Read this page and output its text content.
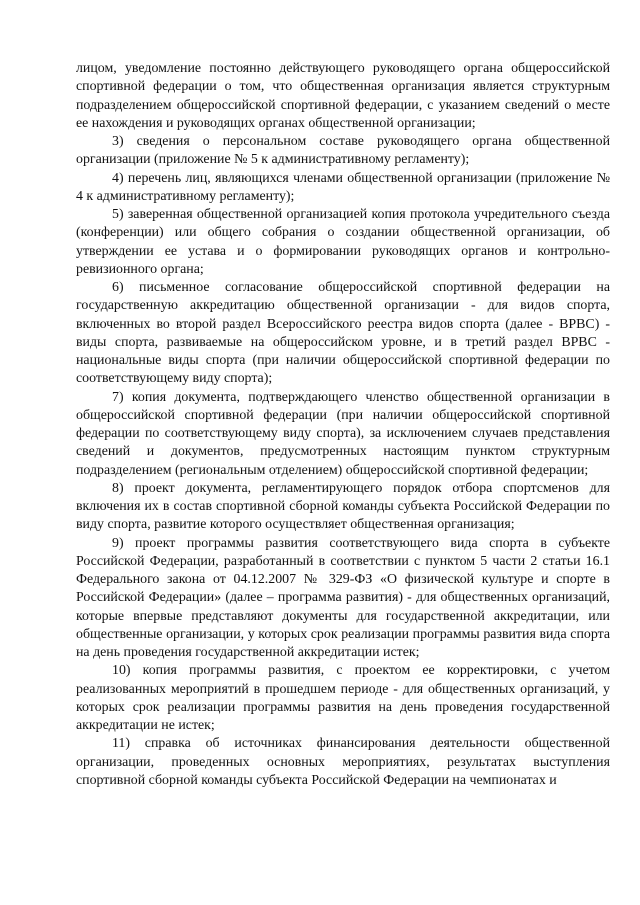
лицом, уведомление постоянно действующего руководящего органа общероссийской спортивной федерации о том, что общественная организация является структурным подразделением общероссийской спортивной федерации, с указанием сведений о месте ее нахождения и руководящих органах общественной организации;

3) сведения о персональном составе руководящего органа общественной организации (приложение № 5 к административному регламенту);

4) перечень лиц, являющихся членами общественной организации (приложение № 4 к административному регламенту);

5) заверенная общественной организацией копия протокола учредительного съезда (конференции) или общего собрания о создании общественной организации, об утверждении ее устава и о формировании руководящих органов и контрольно-ревизионного органа;

6) письменное согласование общероссийской спортивной федерации на государственную аккредитацию общественной организации - для видов спорта, включенных во второй раздел Всероссийского реестра видов спорта (далее - ВРВС) - виды спорта, развиваемые на общероссийском уровне, и в третий раздел ВРВС - национальные виды спорта (при наличии общероссийской спортивной федерации по соответствующему виду спорта);

7) копия документа, подтверждающего членство общественной организации в общероссийской спортивной федерации (при наличии общероссийской спортивной федерации по соответствующему виду спорта), за исключением случаев представления сведений и документов, предусмотренных настоящим пунктом структурным подразделением (региональным отделением) общероссийской спортивной федерации;

8) проект документа, регламентирующего порядок отбора спортсменов для включения их в состав спортивной сборной команды субъекта Российской Федерации по виду спорта, развитие которого осуществляет общественная организация;

9) проект программы развития соответствующего вида спорта в субъекте Российской Федерации, разработанный в соответствии с пунктом 5 части 2 статьи 16.1 Федерального закона от 04.12.2007 № 329-ФЗ «О физической культуре и спорте в Российской Федерации» (далее – программа развития) - для общественных организаций, которые впервые представляют документы для государственной аккредитации, или общественные организации, у которых срок реализации программы развития вида спорта на день проведения государственной аккредитации истек;

10) копия программы развития, с проектом ее корректировки, с учетом реализованных мероприятий в прошедшем периоде - для общественных организаций, у которых срок реализации программы развития на день проведения государственной аккредитации не истек;

11) справка об источниках финансирования деятельности общественной организации, проведенных основных мероприятиях, результатах выступления спортивной сборной команды субъекта Российской Федерации на чемпионатах и
